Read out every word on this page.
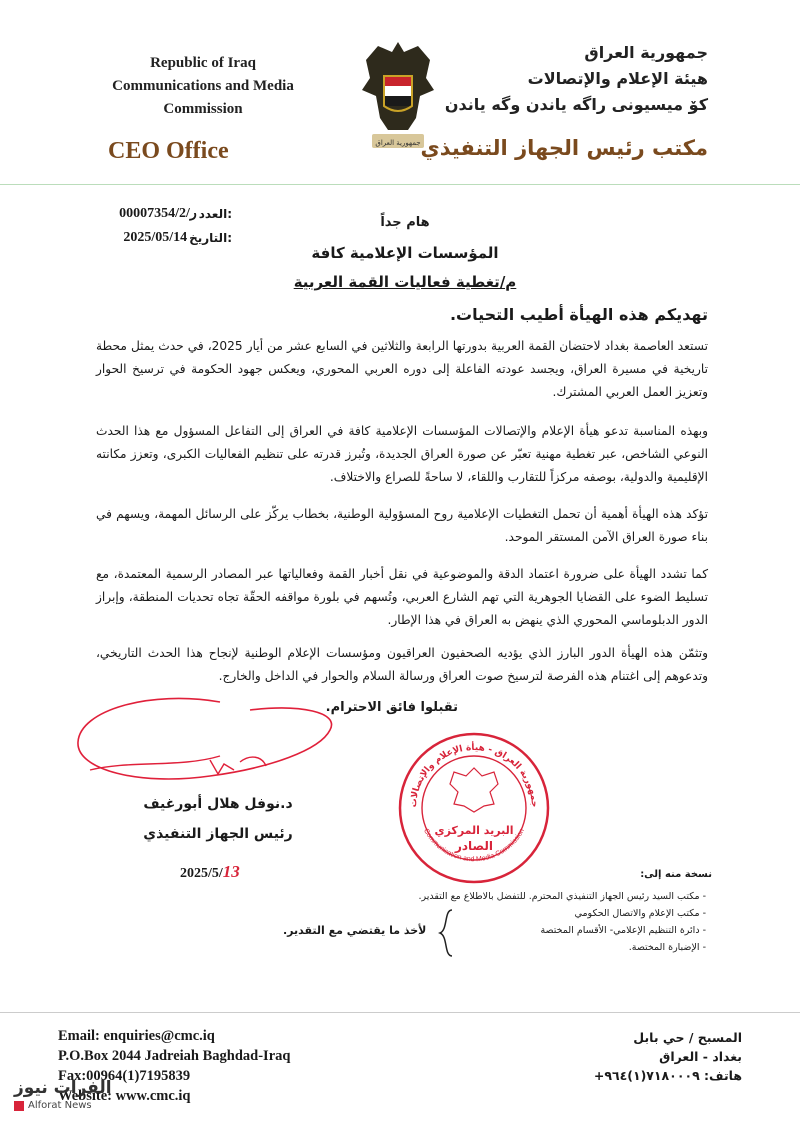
Republic of Iraq
Communications and Media
Commission
CEO Office	جمهورية العراق
جمهورية العراق
هيئة الإعلام والإتصالات
كۆ میسیونی راگه یاندن وگه یاندن
مكتب رئيس الجهاز التنفيذي
00007354/2/ر العدد:
2025/05/14 التاريخ:
هام جداً
المؤسسات الإعلامية كافة
م/تغطية فعاليات القمة العربية
تهديكم هذه الهيأة أطيب التحيات.
تستعد العاصمة بغداد لاحتضان القمة العربية بدورتها الرابعة والثلاثين في السابع عشر من أيار 2025، في حدث يمثل محطة تاريخية في مسيرة العراق، ويجسد عودته الفاعلة إلى دوره العربي المحوري، ويعكس جهود الحكومة في ترسيخ الحوار وتعزيز العمل العربي المشترك.
وبهذه المناسبة تدعو هيأة الإعلام والإتصالات المؤسسات الإعلامية كافة في العراق إلى التفاعل المسؤول مع هذا الحدث النوعي الشاخص، عبر تغطية مهنية تعبّر عن صورة العراق الجديدة، وتُبرز قدرته على تنظيم الفعاليات الكبرى، وتعزز مكانته الإقليمية والدولية، بوصفه مركزاً للتقارب واللقاء، لا ساحةً للصراع والاختلاف.
تؤكد هذه الهيأة أهمية أن تحمل التغطيات الإعلامية روح المسؤولية الوطنية، بخطاب يركّز على الرسائل المهمة، ويسهم في بناء صورة العراق الآمن المستقر الموحد.
كما تشدد الهيأة على ضرورة اعتماد الدقة والموضوعية في نقل أخبار القمة وفعالياتها عبر المصادر الرسمية المعتمدة، مع تسليط الضوء على القضايا الجوهرية التي تهم الشارع العربي، وتُسهم في بلورة مواقفه الحقّة تجاه تحديات المنطقة، وإبراز الدور الدبلوماسي المحوري الذي ينهض به العراق في هذا الإطار.
وتثمّن هذه الهيأة الدور البارز الذي يؤديه الصحفيون العراقيون ومؤسسات الإعلام الوطنية لإنجاح هذا الحدث التاريخي، وتدعوهم إلى اغتنام هذه الفرصة لترسيخ صوت العراق ورسالة السلام والحوار في الداخل والخارج.
تقبلوا فائق الاحترام.
د.نوفل هلال أبورغيف
رئيس الجهاز التنفيذي
2025/5/13
جمهورية العراق - هيأة الإعلام والإتصالات
Communication and Media Commission
البريد المركزي
الصادر
نسخة منه إلى:
- مكتب السيد رئيس الجهاز التنفيذي المحترم. للتفضل بالاطلاع مع التقدير.
- مكتب الإعلام والاتصال الحكومي
- دائرة التنظيم الإعلامي- الأقسام المختصة
- الإضبارة المختصة.
لأخذ ما يقتضي مع التقدير.
Email: enquiries@cmc.iq
P.O.Box 2044 Jadreiah Baghdad-Iraq
Fax:00964(1)7195839
Website: www.cmc.iq
المسبح / حي بابل
بغداد - العراق
هاتف: ٧١٨٠٠٠٩(١)٩٦٤+
الفرات نيوز
Alforat News
